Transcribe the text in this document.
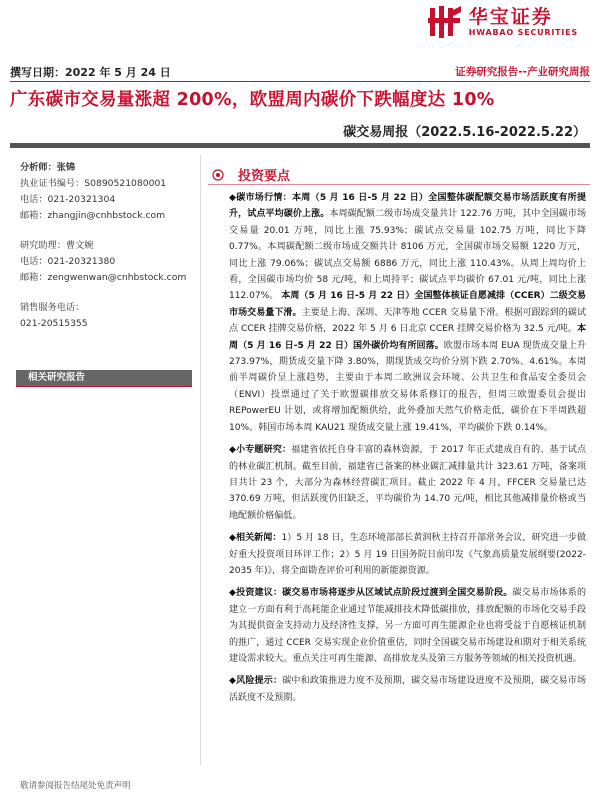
华宝证券
HWABAO SECURITIES
撰写日期：2022 年 5 月 24 日	证券研究报告--产业研究周报
广东碳市交易量涨超 200%，欧盟周内碳价下跌幅度达 10%
碳交易周报（2022.5.16-2022.5.22）
分析师：张锦
执业证书编号：S0890521080001
电话：021-20321304
邮箱：zhangjin@cnhbstock.com
研究助理：曹文婉
电话：021-20321380
邮箱：zengwenwan@cnhbstock.com
销售服务电话：
021-20515355
相关研究报告
投资要点

◆碳市场行情：本周（5 月 16 日-5 月 22 日）全国整体碳配额交易市场活跃度有所提升，试点平均碳价上涨。本周碳配额二级市场成交量共计 122.76 万吨，其中全国碳市场交易量 20.01 万吨，同比上涨 75.93%；碳试点交易量 102.75 万吨，同比下降 0.77%。本周碳配额二级市场成交额共计 8106 万元，全国碳市场交易额 1220 万元，同比上涨 79.06%；碳试点交易额 6886 万元，同比上涨 110.43%。从周上周均价上看，全国碳市场均价 58 元/吨，和上周持平；碳试点平均碳价 67.01 元/吨，同比上涨 112.07%。 本周（5 月 16 日-5 月 22 日）全国整体核证自愿减排（CCER）二级交易市场交易量下滑。主要是上海、深圳、天津等地 CCER 交易量下滑。根据可跟踪到的碳试点 CCER 挂牌交易价格，2022 年 5 月 6 日北京 CCER 挂牌交易价格为 32.5 元/吨。本周（5 月 16 日-5 月 22 日）国外碳价均有所回落。欧盟市场本周 EUA 现货成交量上升 273.97%，期货成交量下降 3.80%，期现货成交均价分别下跌 2.70%、4.61%。本周前半周碳价呈上涨趋势，主要由于本周二欧洲议会环境、公共卫生和食品安全委员会（ENVI）投票通过了关于欧盟碳排放交易体系修订的报告，但周三欧盟委员会提出 REPowerEU 计划，或将增加配额供给，此外叠加天然气价格走低，碳价在下半周跌超 10%。韩国市场本周 KAU21 现货成交量上涨 19.41%，平均碳价下跌 0.14%。

◆小专题研究：福建省依托自身丰富的森林资源，于 2017 年正式建成自有的、基于试点的林业碳汇机制。截至目前，福建省已备案的林业碳汇减排量共计 323.61 万吨，备案项目共计 23 个，大部分为森林经营碳汇项目。截止 2022 年 4 月，FFCER 交易量已达 370.69 万吨，但活跃度仍旧缺乏，平均碳价为 14.70 元/吨，相比其他减排量价格或当地配额价格偏低。

◆相关新闻：1）5 月 18 日，生态环境部部长黄润秋主持召开部常务会议，研究进一步做好重大投资项目环评工作；2）5 月 19 日国务院日前印发《气象高质量发展纲要(2022-2035 年)》，将全面勘查评价可利用的新能源资源。

◆投资建议：碳交易市场将逐步从区域试点阶段过渡到全国交易阶段。碳交易市场体系的建立一方面有利于高耗能企业通过节能减排技术降低碳排放，排放配额的市场化交易手段为其提供资金支持动力及经济性支撑，另一方面可再生能源企业也将受益于自愿核证机制的推广，通过 CCER 交易实现企业价值重估，同时全国碳交易市场建设和期对于相关系统建设需求较大。重点关注可再生能源、高排放龙头及第三方服务等领域的相关投资机遇。

◆风险提示：碳中和政策推进力度不及预期，碳交易市场建设进度不及预期，碳交易市场活跃度不及预期。

敬请参阅报告结尾处免责声明
